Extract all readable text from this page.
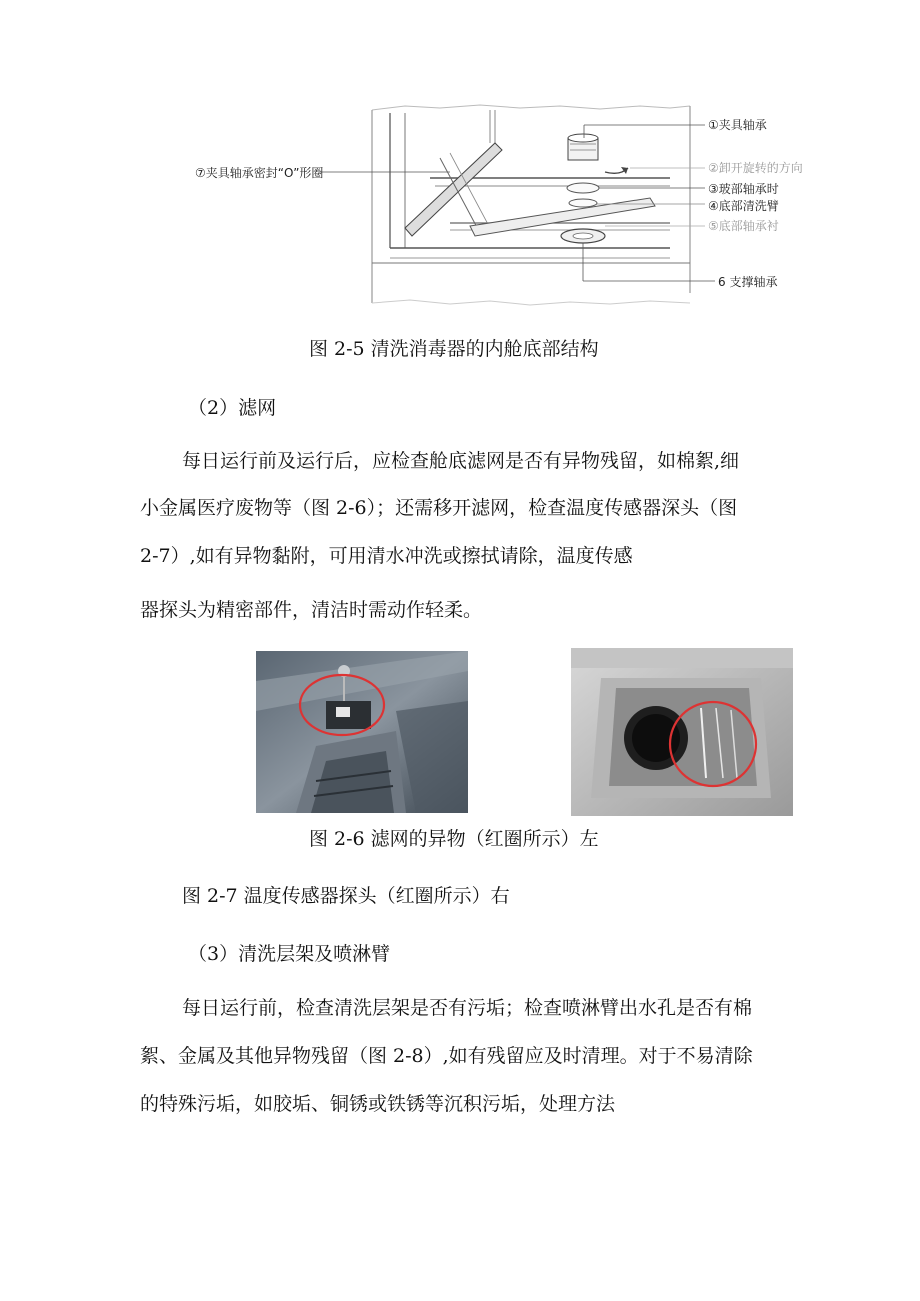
①夹具轴承
②卸开旋转的方向
③玻部轴承时
④底部清洗臂
⑤底部轴承衬
6 支撑轴承
⑦夹具轴承密封“O”形圈
图 2-5 清洗消毒器的内舱底部结构
（2）滤网
每日运行前及运行后，应检查舱底滤网是否有异物残留，如棉絮,细
小金属医疗废物等（图 2-6）；还需移开滤网，检查温度传感器深头（图
2-7）,如有异物黏附，可用清水冲洗或擦拭请除，温度传感
器探头为精密部件，清洁时需动作轻柔。
图 2-6 滤网的异物（红圈所示）左
图 2-7 温度传感器探头（红圈所示）右
（3）清洗层架及喷淋臂
每日运行前，检查清洗层架是否有污垢；检查喷淋臂出水孔是否有棉
絮、金属及其他异物残留（图 2-8）,如有残留应及时清理。对于不易清除
的特殊污垢，如胶垢、铜锈或铁锈等沉积污垢，处理方法
